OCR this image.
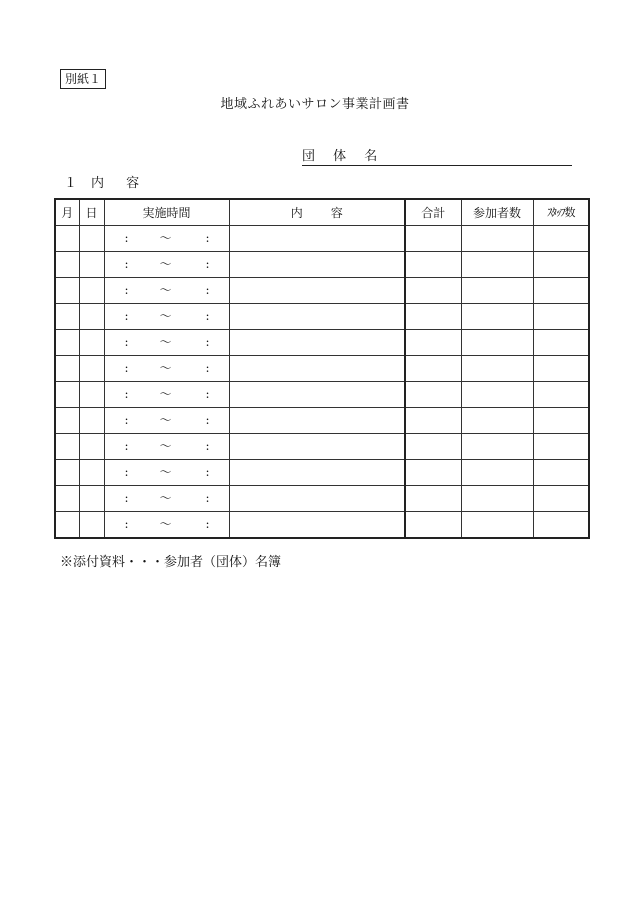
別紙１
地域ふれあいサロン事業計画書
団 体 名
１ 内 容
月	日	実施時間	内容	合計	参加者数	ｽﾀｯﾌ数

		: 〜 :				

		: 〜 :				

		: 〜 :				

		: 〜 :				

		: 〜 :				

		: 〜 :				

		: 〜 :				

		: 〜 :				

		: 〜 :				

		: 〜 :				

		: 〜 :				

		: 〜 :				

※添付資料・・・参加者（団体）名簿
